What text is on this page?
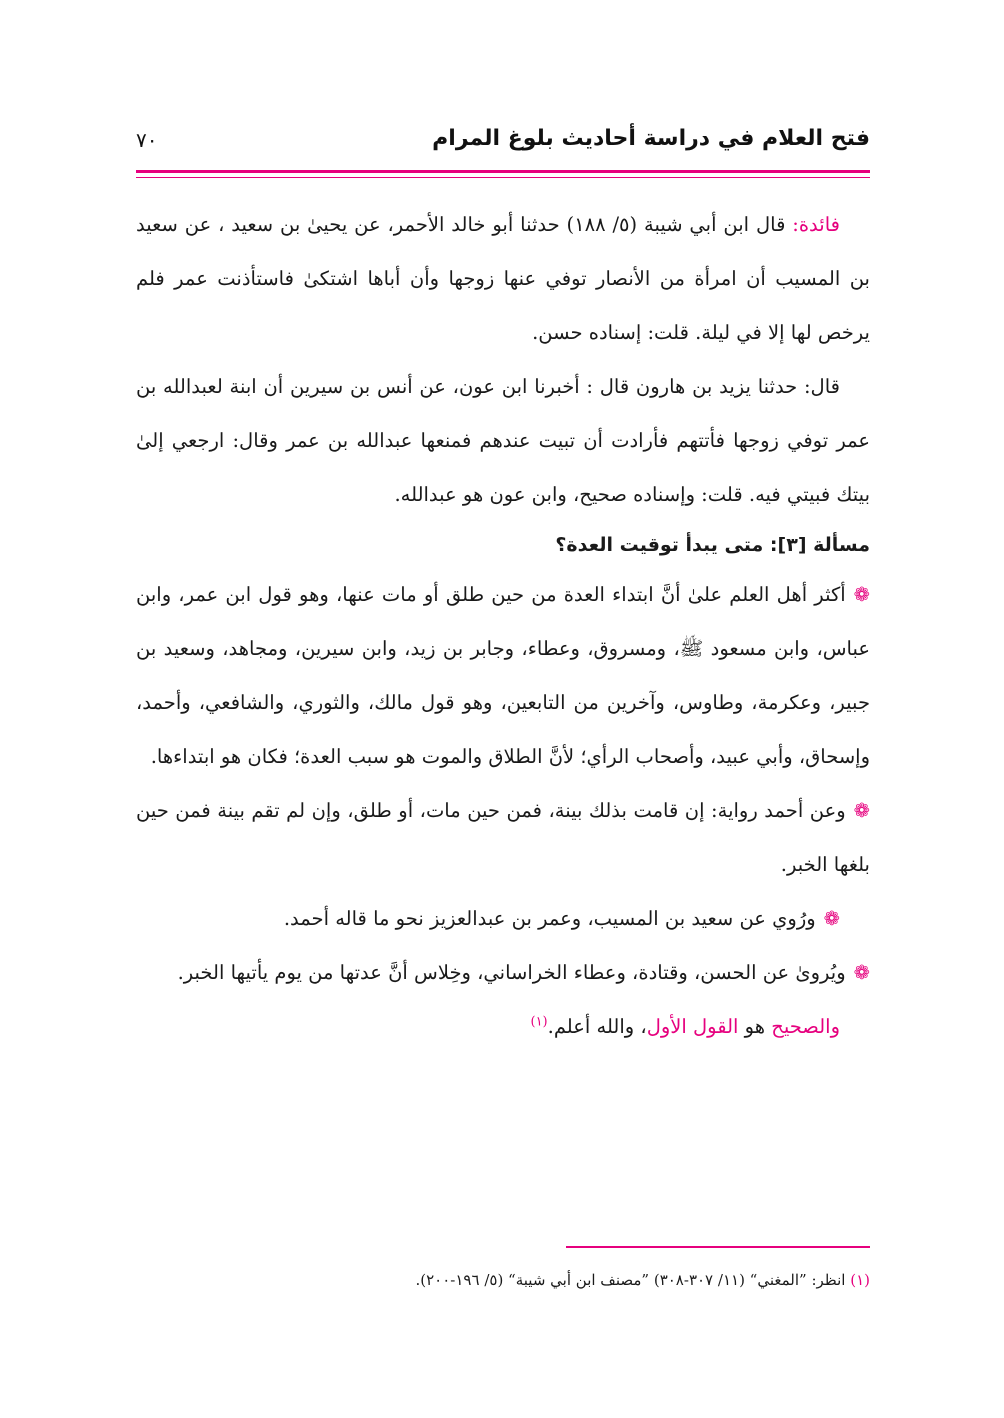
فتح العلام في دراسة أحاديث بلوغ المرام
٧٠

فائدة: قال ابن أبي شيبة (٥/ ١٨٨) حدثنا أبو خالد الأحمر، عن يحيىٰ بن سعيد ، عن سعيد بن المسيب أن امرأة من الأنصار توفي عنها زوجها وأن أباها اشتكىٰ فاستأذنت عمر فلم يرخص لها إلا في ليلة. قلت: إسناده حسن.

قال: حدثنا يزيد بن هارون قال : أخبرنا ابن عون، عن أنس بن سيرين أن ابنة لعبدالله بن عمر توفي زوجها فأتتهم فأرادت أن تبيت عندهم فمنعها عبدالله بن عمر وقال: ارجعي إلىٰ بيتك فبيتي فيه. قلت: وإسناده صحيح، وابن عون هو عبدالله.

مسألة [٣]: متى يبدأ توقيت العدة؟

❁أكثر أهل العلم علىٰ أنَّ ابتداء العدة من حين طلق أو مات عنها، وهو قول ابن عمر، وابن عباس، وابن مسعود ﷺ، ومسروق، وعطاء، وجابر بن زيد، وابن سيرين، ومجاهد، وسعيد بن جبير، وعكرمة، وطاوس، وآخرين من التابعين، وهو قول مالك، والثوري، والشافعي، وأحمد، وإسحاق، وأبي عبيد، وأصحاب الرأي؛ لأنَّ الطلاق والموت هو سبب العدة؛ فكان هو ابتداءها.

❁وعن أحمد رواية: إن قامت بذلك بينة، فمن حين مات، أو طلق، وإن لم تقم بينة فمن حين بلغها الخبر.

❁ورُوي عن سعيد بن المسيب، وعمر بن عبدالعزيز نحو ما قاله أحمد.

❁ويُروىٰ عن الحسن، وقتادة، وعطاء الخراساني، وخِلاس أنَّ عدتها من يوم يأتيها الخبر.

والصحيح هو القول الأول، والله أعلم.$^{(١)}$

(١) انظر: ”المغني“ (١١/ ٣٠٧-٣٠٨) ”مصنف ابن أبي شيبة“ (٥/ ١٩٦-٢٠٠).
